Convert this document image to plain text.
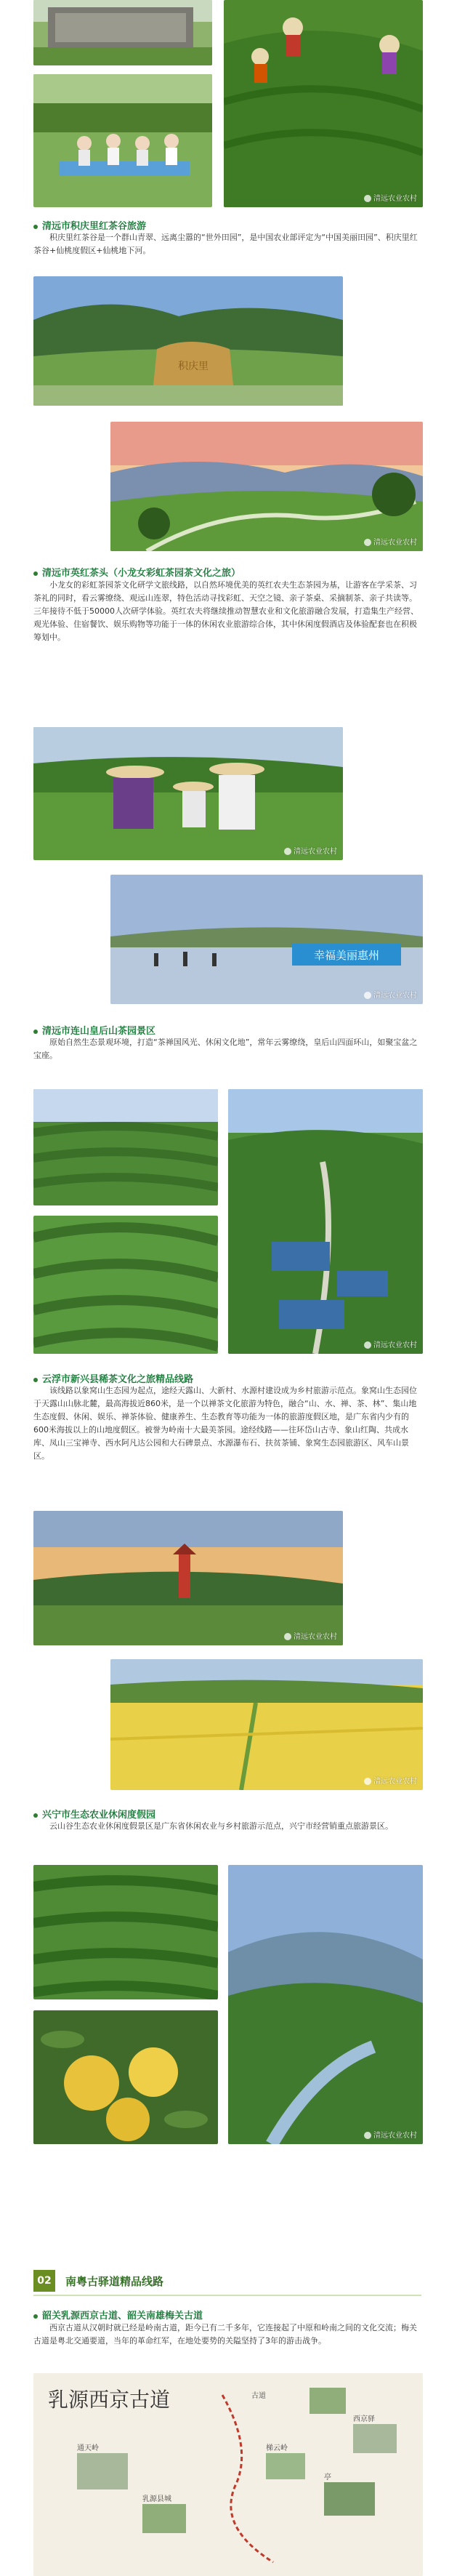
清远农业农村
清远市积庆里红茶谷旅游
积庆里红茶谷是一个群山青翠、远离尘嚣的“世外田园”，是中国农业部评定为“中国美丽田园”、积庆里红茶谷+仙桃度假区+仙桃地下河。
积庆里
清远农业农村
清远市英红茶头（小龙女彩虹茶园茶文化之旅）
小龙女的彩虹茶园茶文化研学文旅线路，以自然环境优美的英红农夫生态茶园为基，让游客在学采茶、习茶礼的同时，看云雾缭绕、观远山连翠，特色活动寻找彩虹、天空之镜、亲子茶桌、采摘制茶、亲子共读等。三年接待不低于50000人次研学体验。英红农夫将继续推动智慧农业和文化旅游融合发展，打造集生产经营、观光体验、住宿餐饮、娱乐购物等功能于一体的休闲农业旅游综合体，其中休闲度假酒店及体验配套也在积极筹划中。
清远农业农村
幸福美丽惠州
清远农业农村
清远市连山皇后山茶园景区
原始自然生态景观环境，打造“茶禅国风光、休闲文化地”，常年云雾缭绕，皇后山四面环山，如聚宝盆之宝座。
清远农业农村
云浮市新兴县稀茶文化之旅精品线路
该线路以象窝山生态园为起点，途经天露山、大新村、水源村建设成为乡村旅游示范点。象窝山生态园位于天露山山脉北麓，最高海拔近860米，是一个以禅茶文化旅游为特色，融合“山、水、禅、茶、林”、集山地生态度假、休闲、娱乐、禅茶体验、健康养生、生态教育等功能为一体的旅游度假区地，是广东省内少有的600米海拔以上的山地度假区。被誉为岭南十大最美茶园。途经线路——往环岱山古寺、象山红陶、共成水库、凤山三宝禅寺、西水阿凡达公园和大石碑景点、水源瀑布石、扶贫茶铺、象窝生态园旅游区、风车山景区。
清远农业农村
清远农业农村
兴宁市生态农业休闲度假园
云山谷生态农业休闲度假景区是广东省休闲农业与乡村旅游示范点，兴宁市经营销重点旅游景区。
清远农业农村
02	南粤古驿道精品线路
韶关乳源西京古道、韶关南雄梅关古道
西京古道从汉朝时就已经是岭南古道，距今已有二千多年，它连接起了中原和岭南之间的文化交流；梅关古道是粤北交通要道，当年的革命红军，在地处要势的关隘坚持了3年的游击战争。
乳源西京古道	古道
西京驿
梯云岭
亭
乳源县城
通天岭
